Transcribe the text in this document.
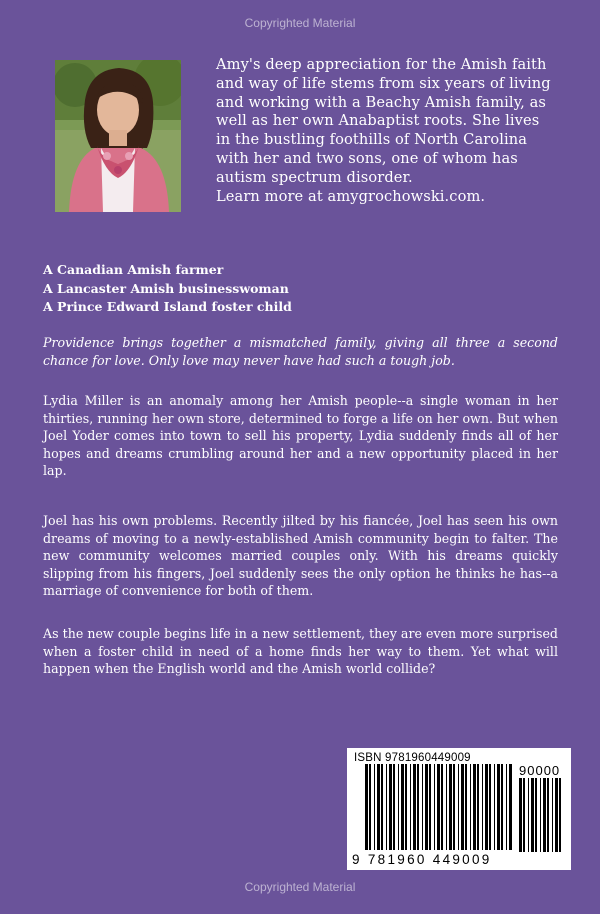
Copyrighted Material
Amy's deep appreciation for the Amish faith
and way of life stems from six years of living
and working with a Beachy Amish family, as
well as her own Anabaptist roots. She lives
in the bustling foothills of North Carolina
with her and two sons, one of whom has
autism spectrum disorder.
Learn more at amygrochowski.com.
A Canadian Amish farmer
A Lancaster Amish businesswoman
A Prince Edward Island foster child
Providence brings together a mismatched family, giving all three a second chance for love. Only love may never have had such a tough job.
Lydia Miller is an anomaly among her Amish people--a single woman in her thirties, running her own store, determined to forge a life on her own. But when Joel Yoder comes into town to sell his property, Lydia suddenly finds all of her hopes and dreams crumbling around her and a new opportunity placed in her lap.
Joel has his own problems. Recently jilted by his fiancée, Joel has seen his own dreams of moving to a newly-established Amish community begin to falter. The new community welcomes married couples only. With his dreams quickly slipping from his fingers, Joel suddenly sees the only option he thinks he has--a marriage of convenience for both of them.
As the new couple begins life in a new settlement, they are even more surprised when a foster child in need of a home finds her way to them. Yet what will happen when the English world and the Amish world collide?
ISBN 9781960449009
90000
9 781960 449009
Copyrighted Material
